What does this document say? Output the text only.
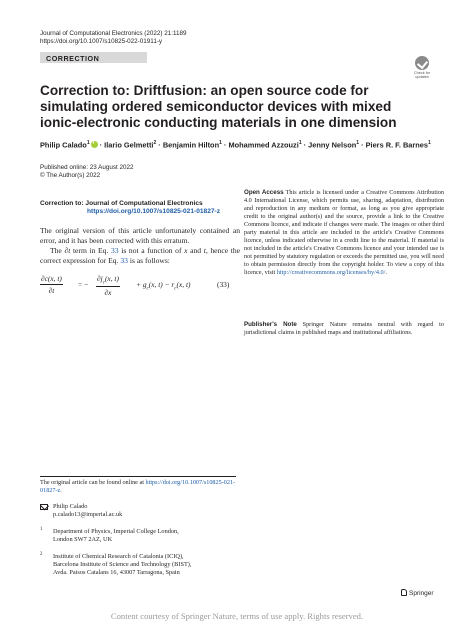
Journal of Computational Electronics (2022) 21:1189
https://doi.org/10.1007/s10825-022-01911-y
CORRECTION
Check for
updates
Correction to: Driftfusion: an open source code for simulating ordered semiconductor devices with mixed ionic-electronic conducting materials in one dimension
Philip Calado$^1$i · Ilario Gelmetti$^2$ · Benjamin Hilton$^1$ · Mohammed Azzouzi$^1$ · Jenny Nelson$^1$ · Piers R. F. Barnes$^1$
Published online: 23 August 2022
© The Author(s) 2022
Correction to: Journal of Computational Electronics
https://doi.org/10.1007/s10825-021-01827-z
The original version of this article unfortunately contained an error, and it has been corrected with this erratum.
The ∂t term in Eq. 33 is not a function of x and t, hence the correct expression for Eq. 33 is as follows:
$\frac{\partial c(x, t)}{\partial t}$ = − $\frac{\partial j_c(x, t)}{\partial x} + g_c(x$, $t) - r_c(x$, t)	(33)
Open Access This article is licensed under a Creative Commons Attribution 4.0 International License, which permits use, sharing, adaptation, distribution and reproduction in any medium or format, as long as you give appropriate credit to the original author(s) and the source, provide a link to the Creative Commons licence, and indicate if changes were made. The images or other third party material in this article are included in the article's Creative Commons licence, unless indicated otherwise in a credit line to the material. If material is not included in the article's Creative Commons licence and your intended use is not permitted by statutory regulation or exceeds the permitted use, you will need to obtain permission directly from the copyright holder. To view a copy of this licence, visit http://creativecommons.org/licenses/by/4.0/.
Publisher's Note Springer Nature remains neutral with regard to jurisdictional claims in published maps and institutional affiliations.
The original article can be found online at https://doi.org/10.1007/s10825-021-01827-z.
Philip Calado
p.calado13@imperial.ac.uk
1 Department of Physics, Imperial College London,
London SW7 2AZ, UK
2 Institute of Chemical Research of Catalonia (ICIQ),
Barcelona Institute of Science and Technology (BIST),
Avda. Paisos Catalans 16, 43007 Tarragona, Spain
Springer
Content courtesy of Springer Nature, terms of use apply. Rights reserved.
